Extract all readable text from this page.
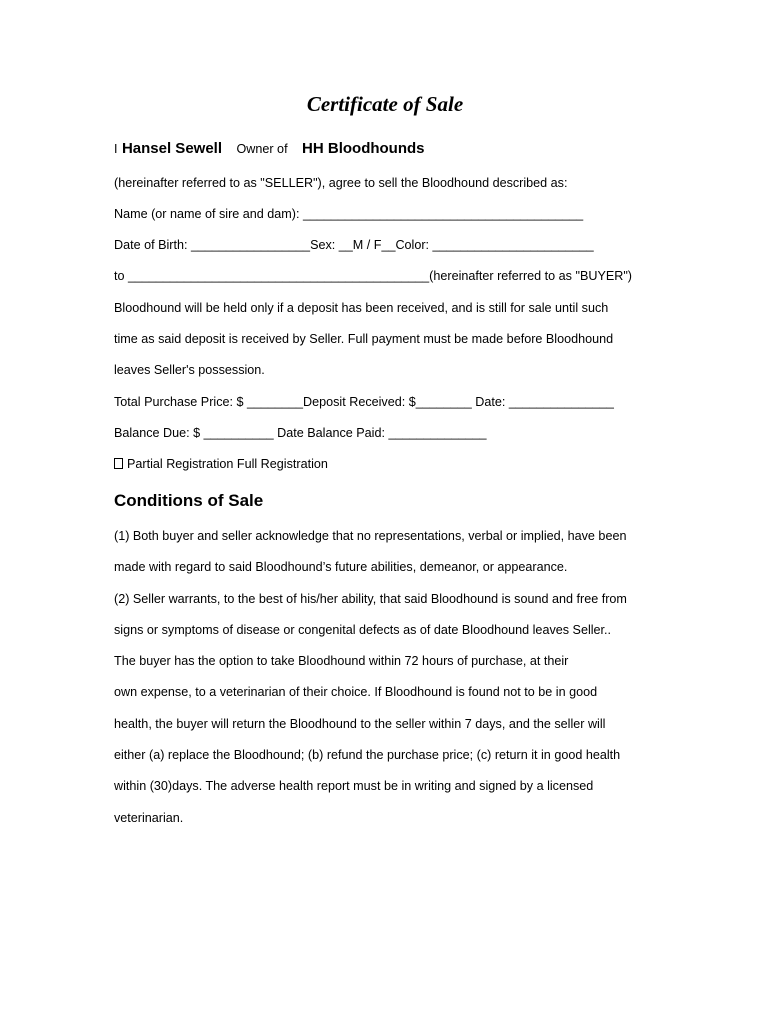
Certificate of Sale
I Hansel Sewell Owner of HH Bloodhounds
(hereinafter referred to as "SELLER"), agree to sell the Bloodhound described as:
Name (or name of sire and dam): ________________________________________
Date of Birth: _________________Sex: __M / F__Color: _______________________
to ___________________________________________(hereinafter referred to as "BUYER")
Bloodhound will be held only if a deposit has been received, and is still for sale until such
time as said deposit is received by Seller. Full payment must be made before Bloodhound
leaves Seller's possession.
Total Purchase Price: $ ________Deposit Received: $________ Date: _______________
Balance Due: $ __________ Date Balance Paid: ______________
Partial Registration Full Registration
Conditions of Sale
(1) Both buyer and seller acknowledge that no representations, verbal or implied, have been
made with regard to said Bloodhound’s future abilities, demeanor, or appearance.
(2) Seller warrants, to the best of his/her ability, that said Bloodhound is sound and free from
signs or symptoms of disease or congenital defects as of date Bloodhound leaves Seller..
The buyer has the option to take Bloodhound within 72 hours of purchase, at their
own expense, to a veterinarian of their choice. If Bloodhound is found not to be in good
health, the buyer will return the Bloodhound to the seller within 7 days, and the seller will
either (a) replace the Bloodhound; (b) refund the purchase price; (c) return it in good health
within (30)days. The adverse health report must be in writing and signed by a licensed
veterinarian.
